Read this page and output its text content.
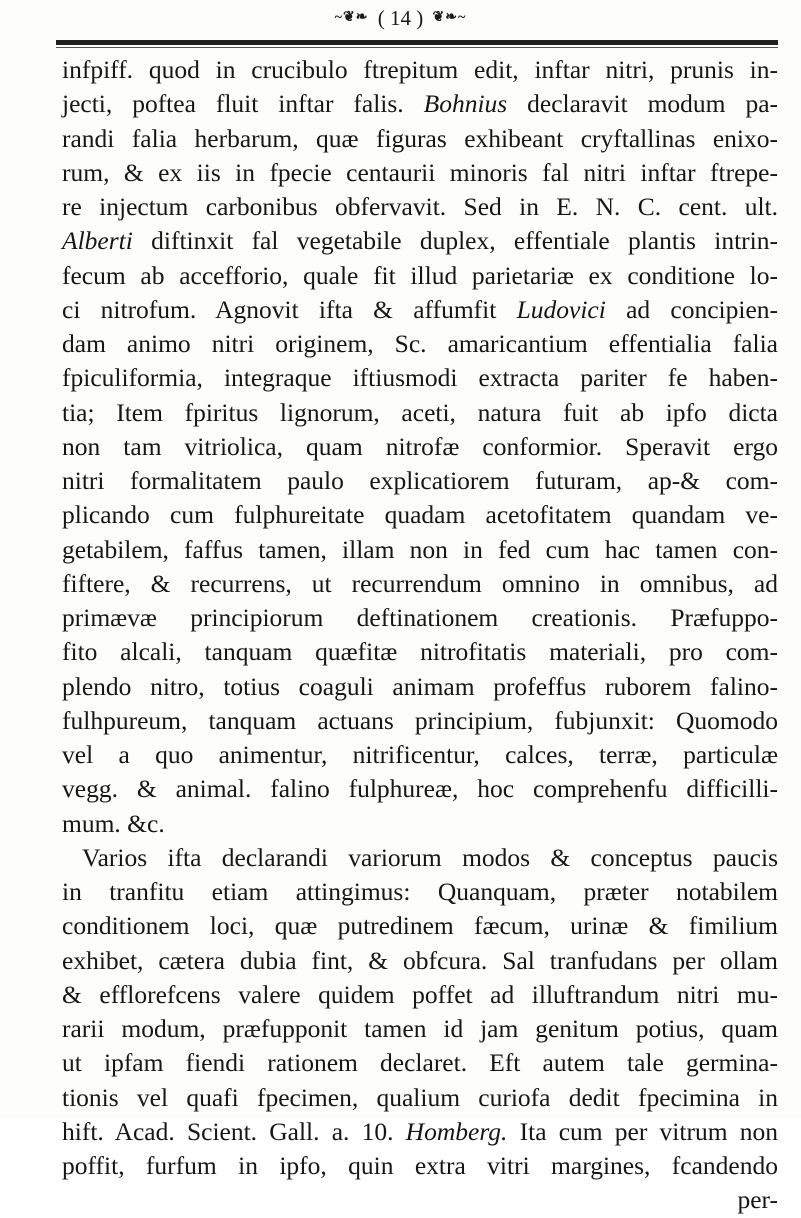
~❦❧ ( 14 ) ❦❧~
infpiff. quod in crucibulo ftrepitum edit, inftar nitri, prunis in-
jecti, poftea fluit inftar falis. Bohnius declaravit modum pa-
randi falia herbarum, quæ figuras exhibeant cryftallinas enixo-
rum, & ex iis in fpecie centaurii minoris fal nitri inftar ftrepe-
re injectum carbonibus obfervavit. Sed in E. N. C. cent. ult.
Alberti diftinxit fal vegetabile duplex, effentiale plantis intrin-
fecum ab accefforio, quale fit illud parietariæ ex conditione lo-
ci nitrofum. Agnovit ifta & affumfit Ludovici ad concipien-
dam animo nitri originem, Sc. amaricantium effentialia falia
fpiculiformia, integraque iftiusmodi extracta pariter fe haben-
tia; Item fpiritus lignorum, aceti, natura fuit ab ipfo dicta
non tam vitriolica, quam nitrofæ conformior. Speravit ergo
nitri formalitatem paulo explicatiorem futuram, ap-& com-
plicando cum fulphureitate quadam acetofitatem quandam ve-
getabilem, faffus tamen, illam non in fed cum hac tamen con-
fiftere, & recurrens, ut recurrendum omnino in omnibus, ad
primævæ principiorum deftinationem creationis. Præfuppo-
fito alcali, tanquam quæfitæ nitrofitatis materiali, pro com-
plendo nitro, totius coaguli animam profeffus ruborem falino-
fulhpureum, tanquam actuans principium, fubjunxit: Quomodo
vel a quo animentur, nitrificentur, calces, terræ, particulæ
vegg. & animal. falino fulphureæ, hoc comprehenfu difficilli-
mum. &c.
Varios ifta declarandi variorum modos & conceptus paucis
in tranfitu etiam attingimus: Quanquam, præter notabilem
conditionem loci, quæ putredinem fæcum, urinæ & fimilium
exhibet, cætera dubia fint, & obfcura. Sal tranfudans per ollam
& efflorefcens valere quidem poffet ad illuftrandum nitri mu-
rarii modum, præfupponit tamen id jam genitum potius, quam
ut ipfam fiendi rationem declaret. Eft autem tale germina-
tionis vel quafi fpecimen, qualium curiofa dedit fpecimina in
hift. Acad. Scient. Gall. a. 10. Homberg. Ita cum per vitrum non
poffit, furfum in ipfo, quin extra vitri margines, fcandendo
per-
